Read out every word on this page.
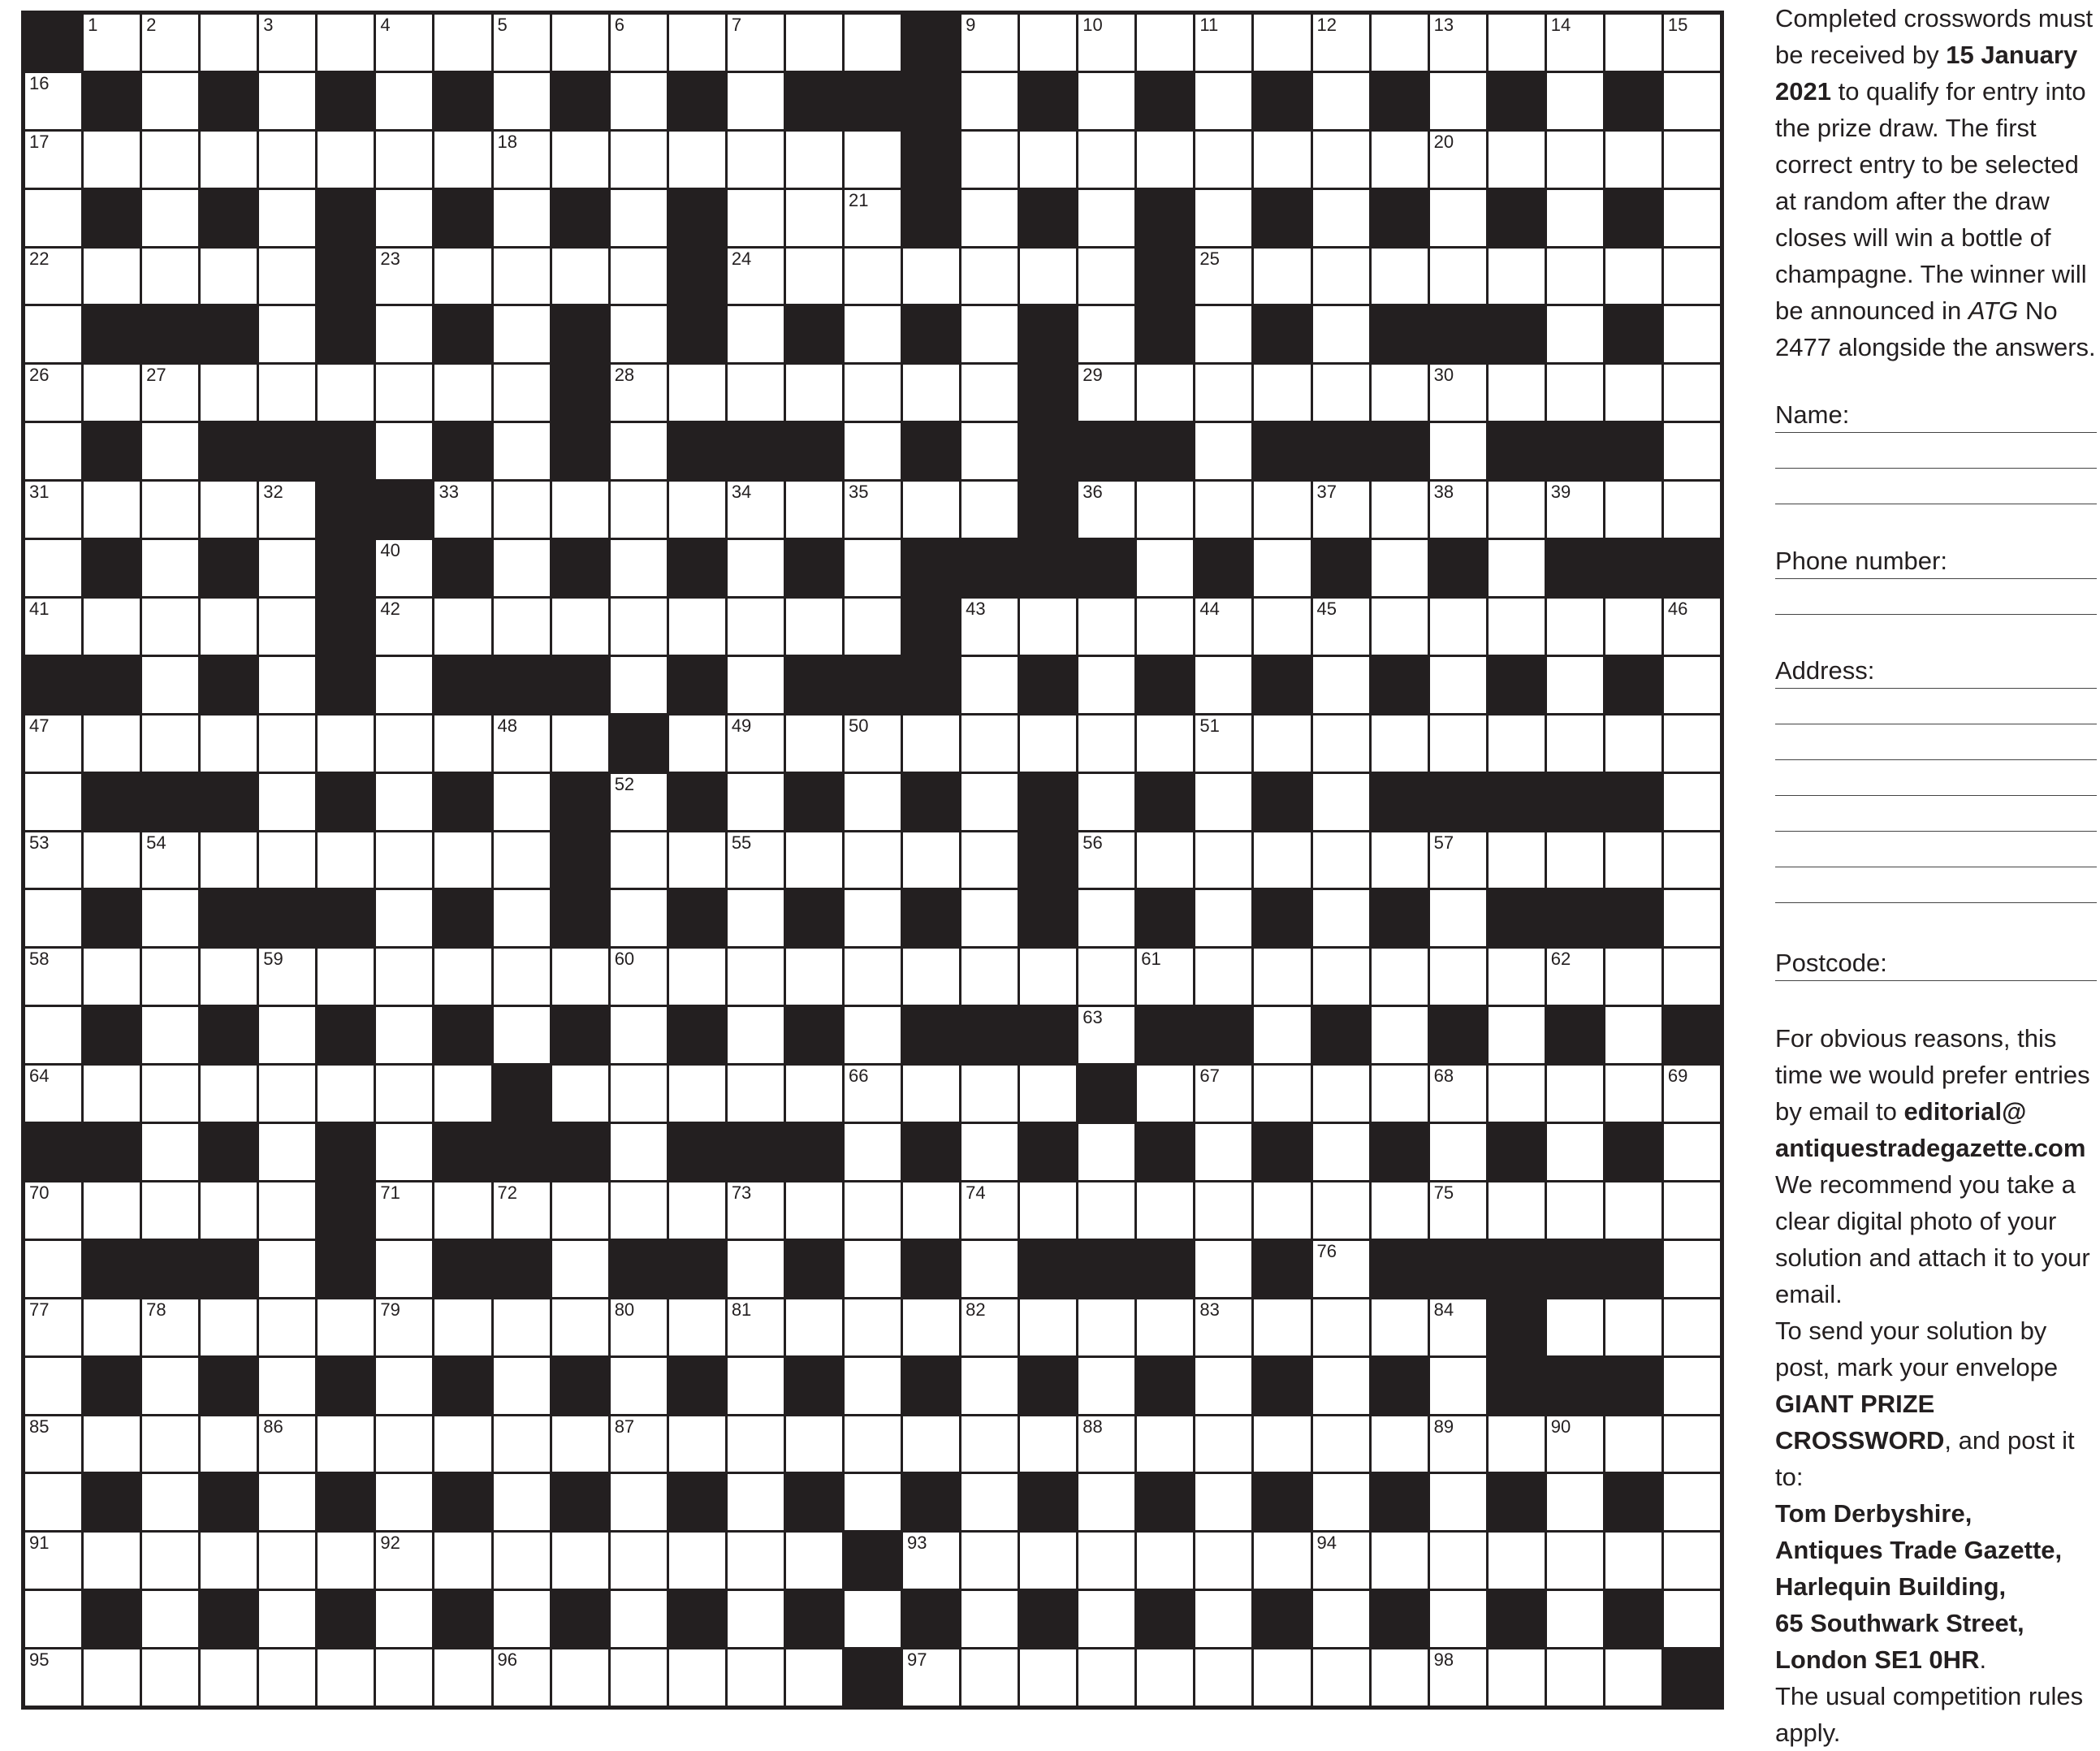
1	2	3	4	5	6	7	9	10	11	12	13	14	15
16
17	18	20
21
22	23	24	25
26	27	28	29	30
31	32	33	34	35	36	37	38	39
40
41	42	43	44	45	46
47	48	49	50	51
52
53	54	55	56	57
58	59	60	61	62
63
64	66	67	68	69
70	71	72	73	74	75
76
77	78	79	80	81	82	83	84
85	86	87	88	89	90
91	92	93	94
95	96	97	98
Completed crosswords must be received by 15 January 2021 to qualify for entry into the prize draw. The first correct entry to be selected at random after the draw closes will win a bottle of champagne. The winner will be announced in ATG No 2477 alongside the answers.
Name:
Phone number:
Address:
Postcode:
For obvious reasons, this time we would prefer entries by email to editorial@ antiquestradegazette.com
We recommend you take a clear digital photo of your solution and attach it to your email.
To send your solution by post, mark your envelope GIANT PRIZE CROSSWORD, and post it to:
Tom Derbyshire,
Antiques Trade Gazette,
Harlequin Building,
65 Southwark Street,
London SE1 0HR.
The usual competition rules apply.
